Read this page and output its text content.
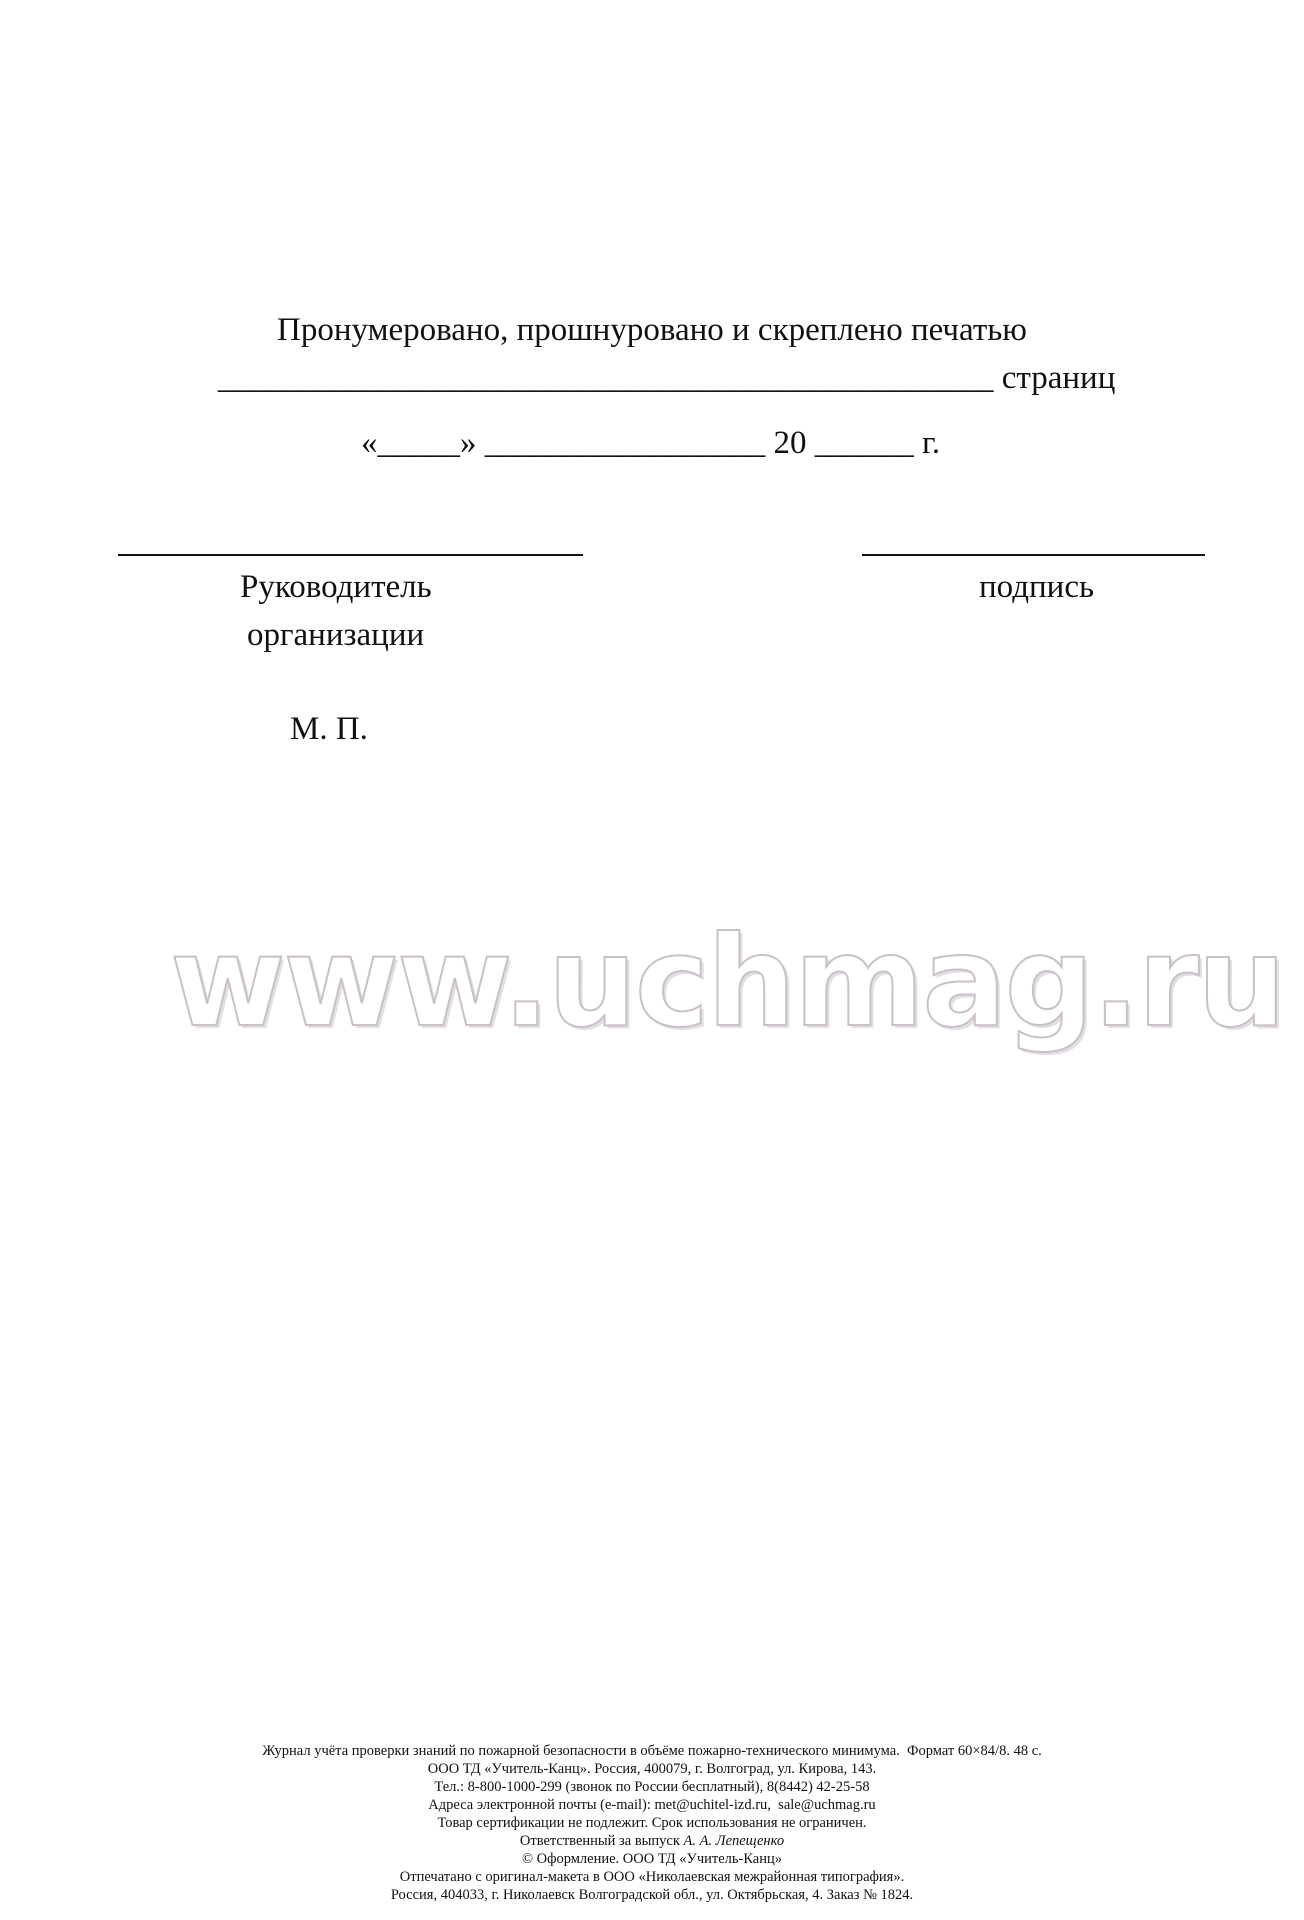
Пронумеровано, прошнуровано и скреплено печатью
_______________________________________________ страниц
«_____» _________________ 20 ______ г.
Руководитель
организации
подпись
М. П.
www.uchmag.ru
Журнал учёта проверки знаний по пожарной безопасности в объёме пожарно-технического минимума.  Формат 60×84/8. 48 с.
ООО ТД «Учитель-Канц». Россия, 400079, г. Волгоград, ул. Кирова, 143.
Тел.: 8-800-1000-299 (звонок по России бесплатный), 8(8442) 42-25-58
Адреса электронной почты (e-mail): met@uchitel-izd.ru,  sale@uchmag.ru
Товар сертификации не подлежит. Срок использования не ограничен.
Ответственный за выпуск А. А. Лепещенко
© Оформление. ООО ТД «Учитель-Канц»
Отпечатано с оригинал-макета в ООО «Николаевская межрайонная типография».
Россия, 404033, г. Николаевск Волгоградской обл., ул. Октябрьская, 4. Заказ № 1824.
